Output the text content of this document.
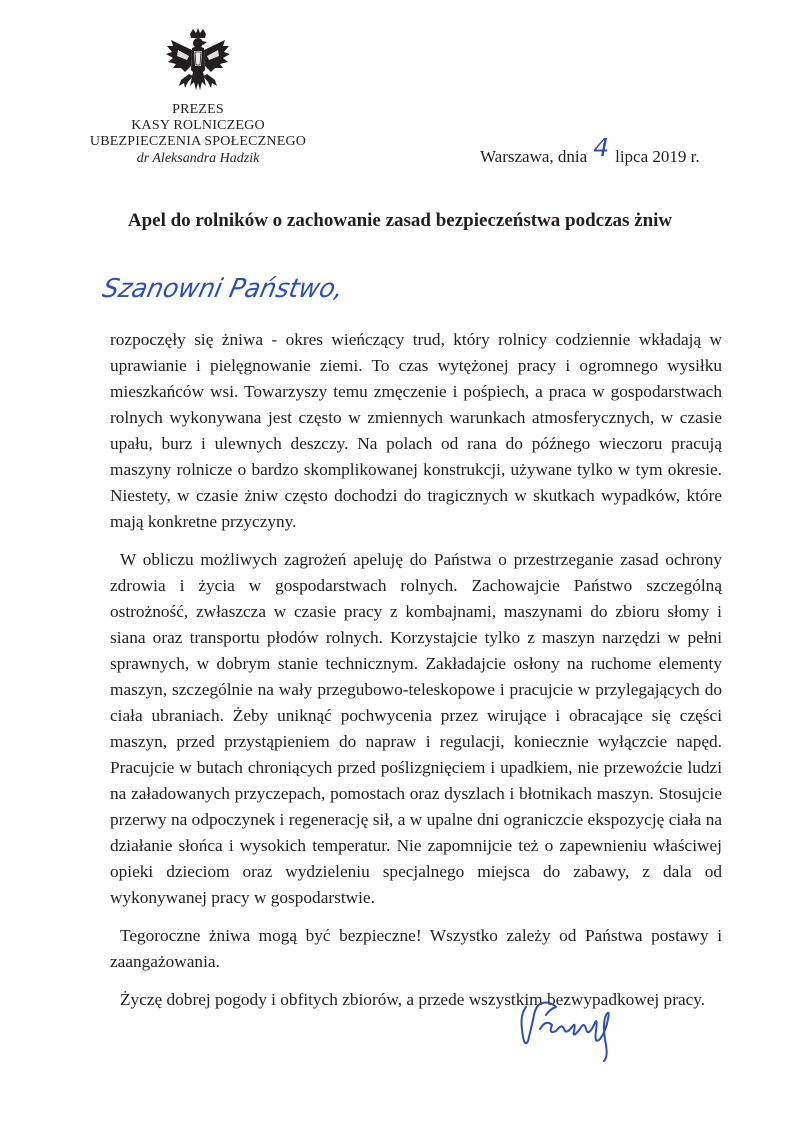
PREZES
KASY ROLNICZEGO
UBEZPIECZENIA SPOŁECZNEGO
dr Aleksandra Hadzik	Warszawa, dnia 4 lipca 2019 r.
Apel do rolników o zachowanie zasad bezpieczeństwa podczas żniw
Szanowni Państwo,

rozpoczęły się żniwa - okres wieńczący trud, który rolnicy codziennie wkładają w uprawianie i pielęgnowanie ziemi. To czas wytężonej pracy i ogromnego wysiłku mieszkańców wsi. Towarzyszy temu zmęczenie i pośpiech, a praca w gospodarstwach rolnych wykonywana jest często w zmiennych warunkach atmosferycznych, w czasie upału, burz i ulewnych deszczy. Na polach od rana do późnego wieczoru pracują maszyny rolnicze o bardzo skomplikowanej konstrukcji, używane tylko w tym okresie. Niestety, w czasie żniw często dochodzi do tragicznych w skutkach wypadków, które mają konkretne przyczyny.

W obliczu możliwych zagrożeń apeluję do Państwa o przestrzeganie zasad ochrony zdrowia i życia w gospodarstwach rolnych. Zachowajcie Państwo szczególną ostrożność, zwłaszcza w czasie pracy z kombajnami, maszynami do zbioru słomy i siana oraz transportu płodów rolnych. Korzystajcie tylko z maszyn narzędzi w pełni sprawnych, w dobrym stanie technicznym. Zakładajcie osłony na ruchome elementy maszyn, szczególnie na wały przegubowo-teleskopowe i pracujcie w przylegających do ciała ubraniach. Żeby uniknąć pochwycenia przez wirujące i obracające się części maszyn, przed przystąpieniem do napraw i regulacji, koniecznie wyłączcie napęd. Pracujcie w butach chroniących przed poślizgnięciem i upadkiem, nie przewoźcie ludzi na załadowanych przyczepach, pomostach oraz dyszlach i błotnikach maszyn. Stosujcie przerwy na odpoczynek i regenerację sił, a w upalne dni ograniczcie ekspozycję ciała na działanie słońca i wysokich temperatur. Nie zapomnijcie też o zapewnieniu właściwej opieki dzieciom oraz wydzieleniu specjalnego miejsca do zabawy, z dala od wykonywanej pracy w gospodarstwie.

Tegoroczne żniwa mogą być bezpieczne! Wszystko zależy od Państwa postawy i zaangażowania.

Życzę dobrej pogody i obfitych zbiorów, a przede wszystkim bezwypadkowej pracy.
